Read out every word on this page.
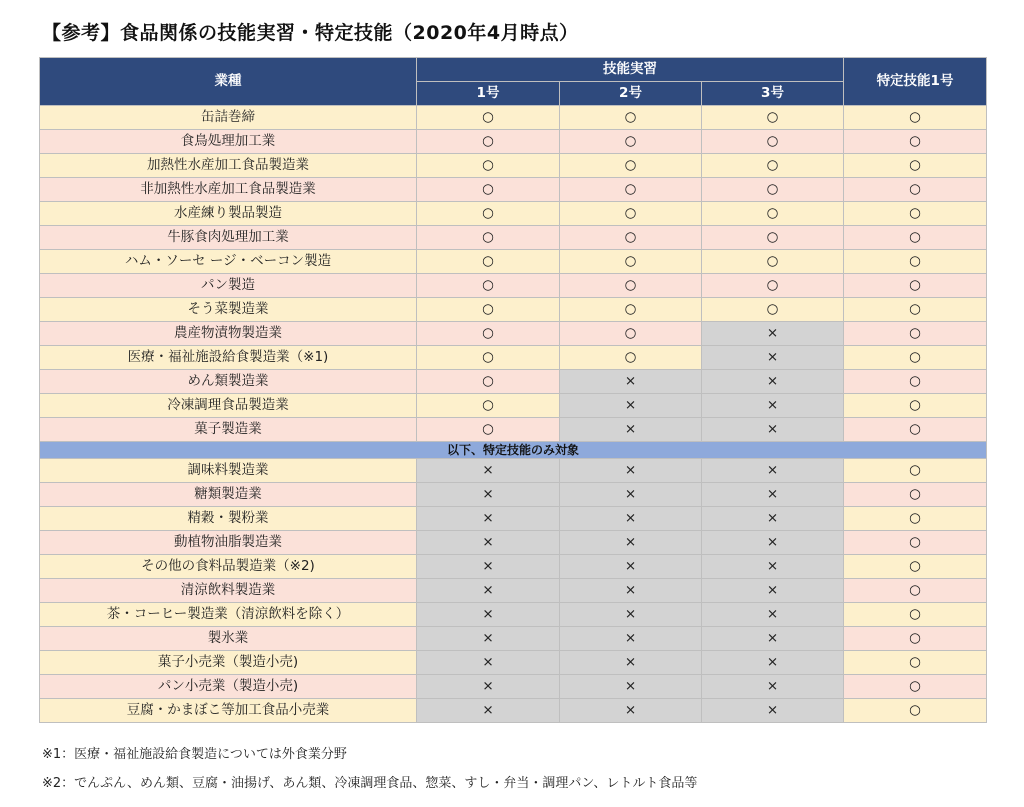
【参考】食品関係の技能実習・特定技能（2020年4月時点）
業種	技能実習			特定技能1号
	1号	2号	3号	
缶詰巻締	○	○	○	○
食鳥処理加工業	○	○	○	○
加熱性水産加工食品製造業	○	○	○	○
非加熱性水産加工食品製造業	○	○	○	○
水産練り製品製造	○	○	○	○
牛豚食肉処理加工業	○	○	○	○
ハム・ソーセ ージ・ベーコン製造	○	○	○	○
パン製造	○	○	○	○
そう菜製造業	○	○	○	○
農産物漬物製造業	○	○	×	○
医療・福祉施設給食製造業（※1)	○	○	×	○
めん類製造業	○	×	×	○
冷凍調理食品製造業	○	×	×	○
菓子製造業	○	×	×	○
以下、特定技能のみ対象				
調味料製造業	×	×	×	○
糖類製造業	×	×	×	○
精穀・製粉業	×	×	×	○
動植物油脂製造業	×	×	×	○
その他の食料品製造業（※2)	×	×	×	○
清涼飲料製造業	×	×	×	○
茶・コーヒー製造業（清涼飲料を除く）	×	×	×	○
製氷業	×	×	×	○
菓子小売業（製造小売)	×	×	×	○
パン小売業（製造小売)	×	×	×	○
豆腐・かまぼこ等加工食品小売業	×	×	×	○
※1：医療・福祉施設給食製造については外食業分野
※2：でんぷん、めん類、豆腐・油揚げ、あん類、冷凍調理食品、惣菜、すし・弁当・調理パン、レトルト食品等
